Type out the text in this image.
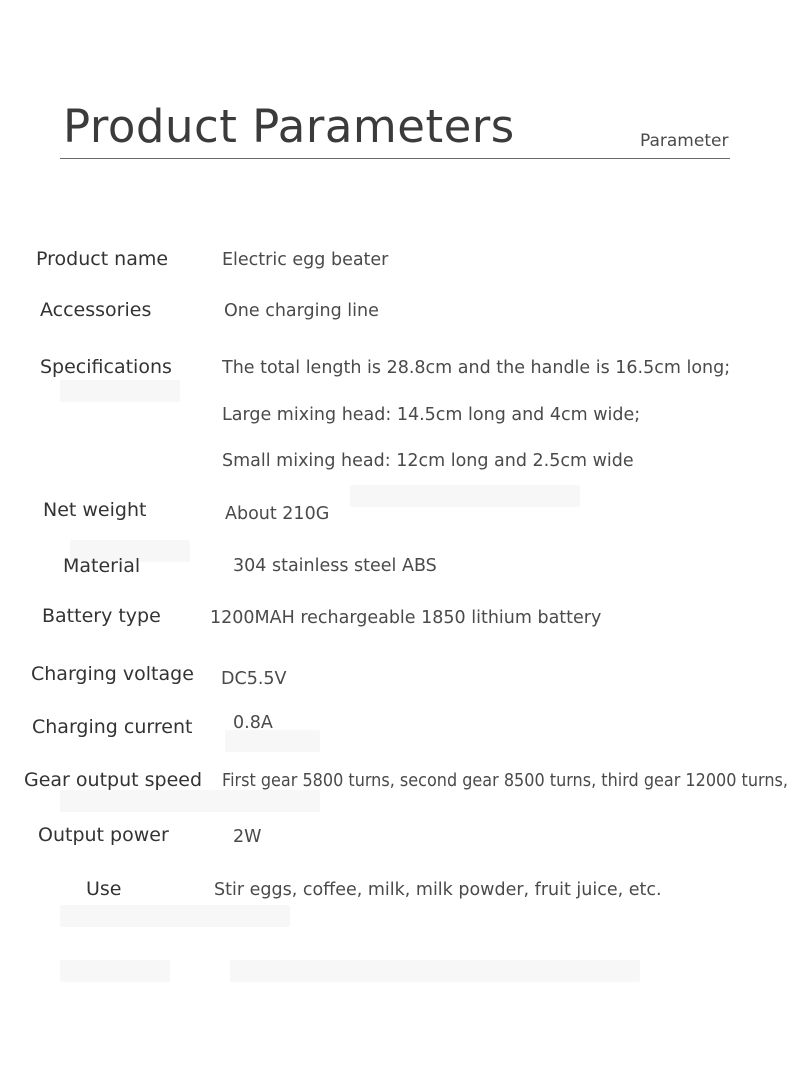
Product Parameters	Parameter
Product name	Electric egg beater
Accessories	One charging line
Specifications	The total length is 28.8cm and the handle is 16.5cm long;
Large mixing head: 14.5cm long and 4cm wide;
Small mixing head: 12cm long and 2.5cm wide
Net weight	About 210G
Material	304 stainless steel ABS
Battery type	1200MAH rechargeable 1850 lithium battery
Charging voltage DC5.5V
Charging current 0.8A
Gear output speed First gear 5800 turns, second gear 8500 turns, third gear 12000 turns,
Output power	2W
Use	Stir eggs, coffee, milk, milk powder, fruit juice, etc.
